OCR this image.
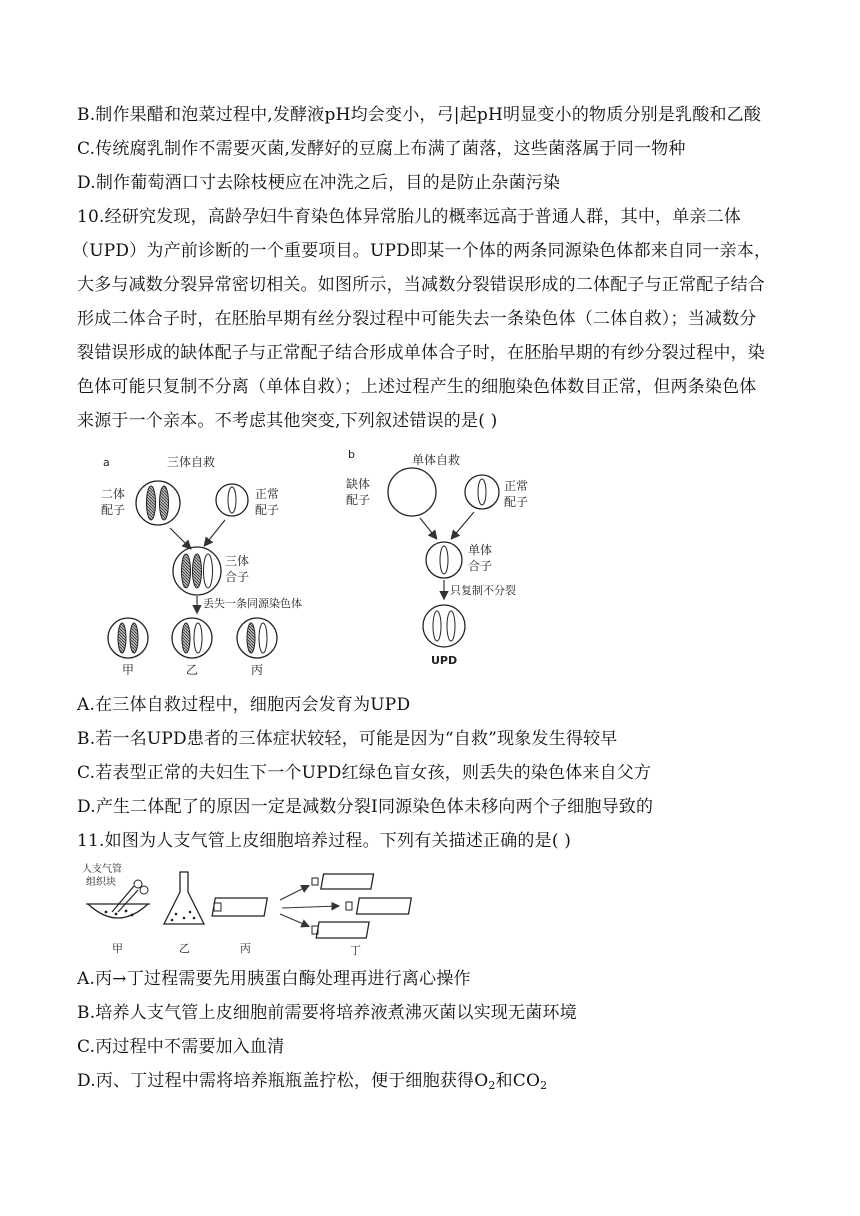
B.制作果醋和泡菜过程中,发酵液pH均会变小，弓|起pH明显变小的物质分别是乳酸和乙酸
C.传统腐乳制作不需要灭菌,发酵好的豆腐上布满了菌落，这些菌落属于同一物种
D.制作葡萄酒口寸去除枝梗应在冲洗之后，目的是防止杂菌污染
10.经研究发现，高龄孕妇牛育染色体异常胎儿的概率远高于普通人群，其中，单亲二体
（UPD）为产前诊断的一个重要项目。UPD即某一个体的两条同源染色体都来自同一亲本，
大多与减数分裂异常密切相关。如图所示，当减数分裂错误形成的二体配子与正常配子结合
形成二体合子时，在胚胎早期有丝分裂过程中可能失去一条染色体（二体自救）；当减数分
裂错误形成的缺体配子与正常配子结合形成单体合子时，在胚胎早期的有纱分裂过程中，染
色体可能只复制不分离（单体自救）；上述过程产生的细胞染色体数目正常，但两条染色体
来源于一个亲本。不考虑其他突变,下列叙述错误的是( )
a	三体自救
二体
配子
正常
配子
三体
合子
丢失一条同源染色体
甲	乙	丙
b	单体自救
缺体
配子
正常
配子
单体
合子
只复制不分裂
UPD
A.在三体自救过程中，细胞丙会发育为UPD
B.若一名UPD患者的三体症状较轻，可能是因为“自救”现象发生得较早
C.若表型正常的夫妇生下一个UPD红绿色盲女孩，则丢失的染色体来自父方
D.产生二体配了的原因一定是减数分裂I同源染色体未移向两个子细胞导致的
11.如图为人支气管上皮细胞培养过程。下列有关描述正确的是( )
人支气管
组织块
甲	乙	丙	丁
A.丙→丁过程需要先用胰蛋白酶处理再进行离心操作
B.培养人支气管上皮细胞前需要将培养液煮沸灭菌以实现无菌环境
C.丙过程中不需要加入血清
D.丙、丁过程中需将培养瓶瓶盖拧松，便于细胞获得$O_2$和$CO_2$
